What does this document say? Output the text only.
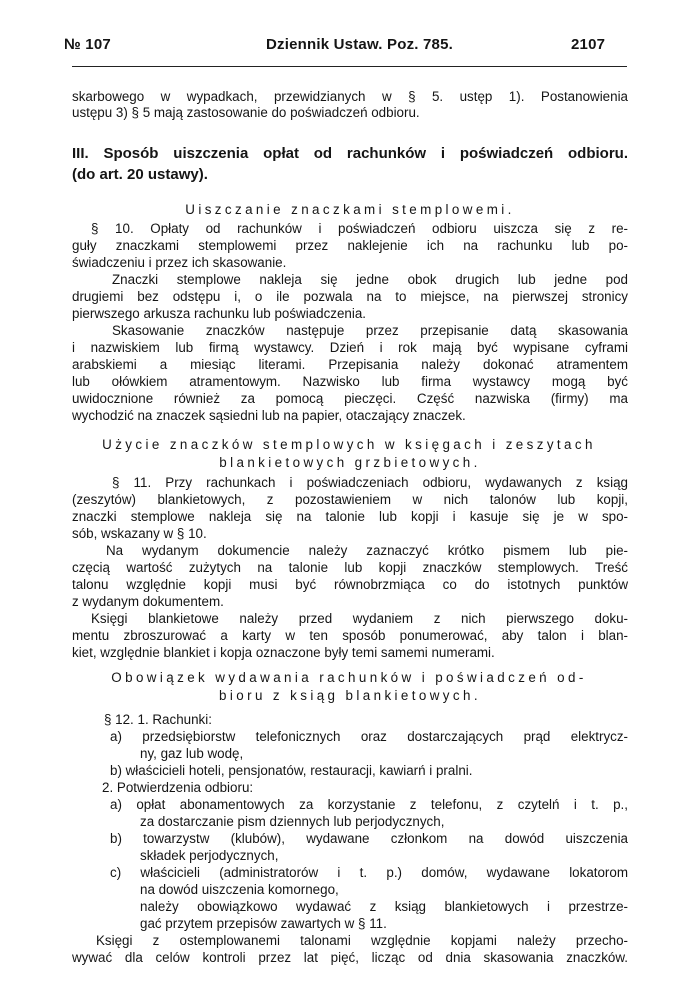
№ 107	Dziennik Ustaw. Poz. 785.	2107
skarbowego w wypadkach, przewidzianych w § 5. ustęp 1). Postanowienia
ustępu 3) § 5 mają zastosowanie do poświadczeń odbioru.
III. Sposób uiszczenia opłat od rachunków i poświadczeń odbioru.
(do art. 20 ustawy).
Uiszczanie znaczkami stemplowemi.
§ 10. Opłaty od rachunków i poświadczeń odbioru uiszcza się z re-
guły znaczkami stemplowemi przez naklejenie ich na rachunku lub po-
świadczeniu i przez ich skasowanie.
Znaczki stemplowe nakleja się jedne obok drugich lub jedne pod
drugiemi bez odstępu i, o ile pozwala na to miejsce, na pierwszej stronicy
pierwszego arkusza rachunku lub poświadczenia.
Skasowanie znaczków następuje przez przepisanie datą skasowania
i nazwiskiem lub firmą wystawcy. Dzień i rok mają być wypisane cyframi
arabskiemi a miesiąc literami. Przepisania należy dokonać atramentem
lub ołówkiem atramentowym. Nazwisko lub firma wystawcy mogą być
uwidocznione również za pomocą pieczęci. Część nazwiska (firmy) ma
wychodzić na znaczek sąsiedni lub na papier, otaczający znaczek.
Użycie znaczków stemplowych w księgach i zeszytach
blankietowych grzbietowych.
§ 11. Przy rachunkach i poświadczeniach odbioru, wydawanych z ksiąg
(zeszytów) blankietowych, z pozostawieniem w nich talonów lub kopji,
znaczki stemplowe nakleja się na talonie lub kopji i kasuje się je w spo-
sób, wskazany w § 10.
Na wydanym dokumencie należy zaznaczyć krótko pismem lub pie-
częcią wartość zużytych na talonie lub kopji znaczków stemplowych. Treść
talonu względnie kopji musi być równobrzmiąca co do istotnych punktów
z wydanym dokumentem.
Księgi blankietowe należy przed wydaniem z nich pierwszego doku-
mentu zbroszurować a karty w ten sposób ponumerować, aby talon i blan-
kiet, względnie blankiet i kopja oznaczone były temi samemi numerami.
Obowiązek wydawania rachunków i poświadczeń od-
bioru z ksiąg blankietowych.
§ 12. 1. Rachunki:
a) przedsiębiorstw telefonicznych oraz dostarczających prąd elektrycz-
ny, gaz lub wodę,
b) właścicieli hoteli, pensjonatów, restauracji, kawiarń i pralni.
2. Potwierdzenia odbioru:
a) opłat abonamentowych za korzystanie z telefonu, z czytelń i t. p.,
za dostarczanie pism dziennych lub perjodycznych,
b) towarzystw (klubów), wydawane członkom na dowód uiszczenia
składek perjodycznych,
c) właścicieli (administratorów i t. p.) domów, wydawane lokatorom
na dowód uiszczenia komornego,
należy obowiązkowo wydawać z ksiąg blankietowych i przestrze-
gać przytem przepisów zawartych w § 11.
Księgi z ostemplowanemi talonami względnie kopjami należy przecho-
wywać dla celów kontroli przez lat pięć, licząc od dnia skasowania znaczków.
